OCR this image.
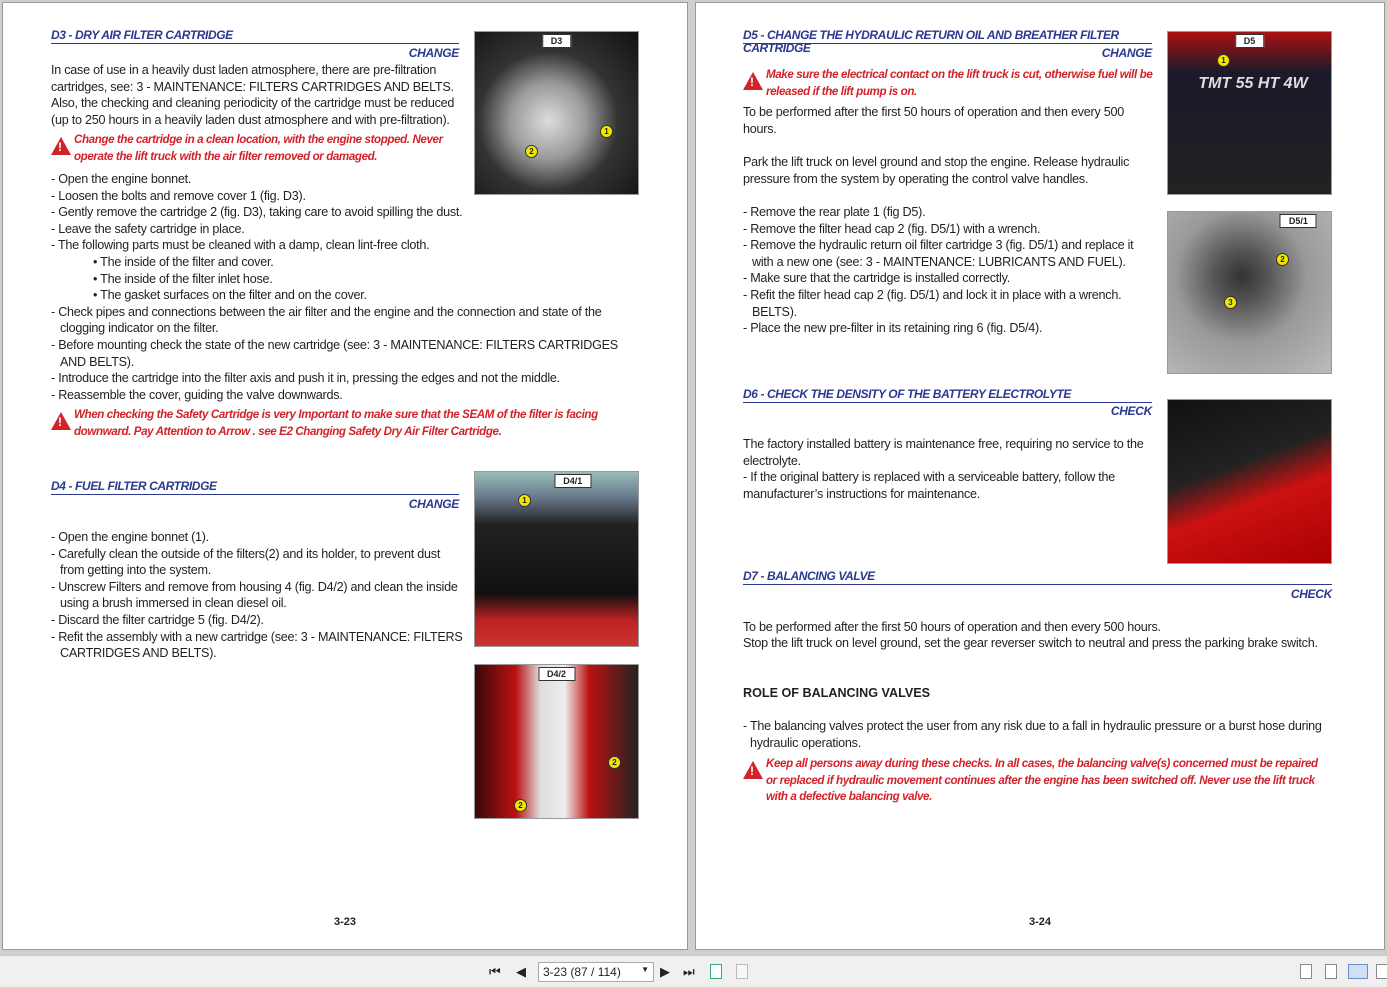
D3 - DRY AIR FILTER CARTRIDGE
CHANGE
In case of use in a heavily dust laden atmosphere, there are pre-filtration cartridges, see: 3 - MAINTENANCE: FILTERS CARTRIDGES AND BELTS. Also, the checking and cleaning periodicity of the cartridge must be reduced (up to 250 hours in a heavily laden dust atmosphere and with pre-filtration).
!
Change the cartridge in a clean location, with the engine stopped. Never operate the lift truck with the air filter removed or damaged.
- Open the engine bonnet.
- Loosen the bolts and remove cover 1 (fig. D3).
- Gently remove the cartridge 2 (fig. D3), taking care to avoid spilling the dust.
- Leave the safety cartridge in place.
- The following parts must be cleaned with a damp, clean lint-free cloth.
• The inside of the filter and cover.
• The inside of the filter inlet hose.
• The gasket surfaces on the filter and on the cover.
- Check pipes and connections between the air filter and the engine and the connection and state of the clogging indicator on the filter.
- Before mounting check the state of the new cartridge (see: 3 - MAINTENANCE: FILTERS CARTRIDGES AND BELTS).
- Introduce the cartridge into the filter axis and push it in, pressing the edges and not the middle.
- Reassemble the cover, guiding the valve downwards.
!
When checking the Safety Cartridge is very Important to make sure that the SEAM of the filter is facing downward. Pay Attention to Arrow . see E2 Changing Safety Dry Air Filter Cartridge.
D3
1
2
D4 - FUEL FILTER CARTRIDGE
CHANGE
- Open the engine bonnet (1).
- Carefully clean the outside of the filters(2) and its holder, to prevent dust from getting into the system.
- Unscrew Filters and remove from housing 4 (fig. D4/2) and clean the inside using a brush immersed in clean diesel oil.
- Discard the filter cartridge 5 (fig. D4/2).
- Refit the assembly with a new cartridge (see: 3 - MAINTENANCE: FILTERS CARTRIDGES AND BELTS).
D4/1
1
D4/2
2
2
3-23
D5 - CHANGE THE HYDRAULIC RETURN OIL AND BREATHER FILTER CARTRIDGE	CHANGE
!
Make sure the electrical contact on the lift truck is cut, otherwise fuel will be released if the lift pump is on.
To be performed after the first 50 hours of operation and then every 500 hours.
Park the lift truck on level ground and stop the engine. Release hydraulic pressure from the system by operating the control valve handles.
- Remove the rear plate 1 (fig D5).
- Remove the filter head cap 2 (fig. D5/1) with a wrench.
- Remove the hydraulic return oil filter cartridge 3 (fig. D5/1) and replace it with a new one (see: 3 - MAINTENANCE: LUBRICANTS AND FUEL).
- Make sure that the cartridge is installed correctly.
- Refit the filter head cap 2 (fig. D5/1) and lock it in place with a wrench. BELTS).
- Place the new pre-filter in its retaining ring 6 (fig. D5/4).
D5
1
TMT 55 HT 4W
D5/1
2
3
D6 - CHECK THE DENSITY OF THE BATTERY ELECTROLYTE
CHECK
The factory installed battery is maintenance free, requiring no service to the electrolyte.
- If the original battery is replaced with a serviceable battery, follow the manufacturer’s instructions for maintenance.
D7 - BALANCING VALVE
CHECK
To be performed after the first 50 hours of operation and then every 500 hours.
Stop the lift truck on level ground, set the gear reverser switch to neutral and press the parking brake switch.
ROLE OF BALANCING VALVES
- The balancing valves protect the user from any risk due to a fall in hydraulic pressure or a burst hose during hydraulic operations.
!
Keep all persons away during these checks. In all cases, the balancing valve(s) concerned must be repaired or replaced if hydraulic movement continues after the engine has been switched off. Never use the lift truck with a defective balancing valve.
3-24
⏮ ◀	3-23 (87 / 114)	▼ ▶ ⏭
